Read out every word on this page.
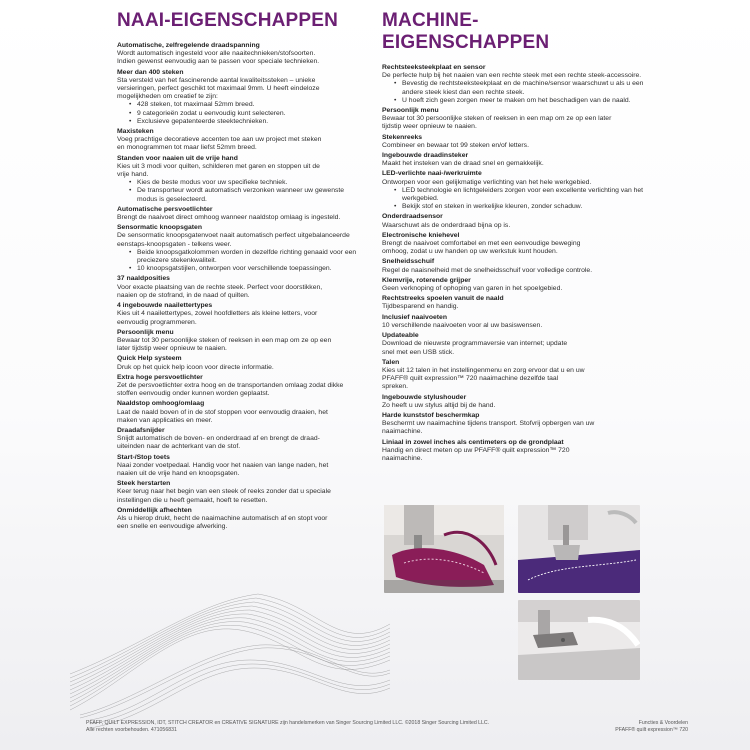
NAAI-EIGENSCHAPPEN
Automatische, zelfregelende draadspanning
Wordt automatisch ingesteld voor alle naaitechnieken/stofsoorten.
Indien gewenst eenvoudig aan te passen voor speciale technieken.
Meer dan 400 steken
Sta versteld van het fascinerende aantal kwaliteitssteken – unieke
versieringen, perfect geschikt tot maximaal 9mm. U heeft eindeloze
mogelijkheden om creatief te zijn:
• 428 steken, tot maximaal 52mm breed.
• 9 categorieën zodat u eenvoudig kunt selecteren.
• Exclusieve gepatenteerde steektechnieken.
Maxisteken
Voeg prachtige decoratieve accenten toe aan uw project met steken
en monogrammen tot maar liefst 52mm breed.
Standen voor naaien uit de vrije hand
Kies uit 3 modi voor quilten, schilderen met garen en stoppen uit de
vrije hand.
• Kies de beste modus voor uw specifieke techniek.
• De transporteur wordt automatisch verzonken wanneer uw gewenste modus is geselecteerd.
Automatische persvoetlichter
Brengt de naaivoet direct omhoog wanneer naaldstop omlaag is ingesteld.
Sensormatic knoopsgaten
De sensormatic knoopsgatenvoet naait automatisch perfect uitgebalanceerde
eenstaps-knoopsgaten - telkens weer.
• Beide knoopsgatkolommen worden in dezelfde richting genaaid voor een preciezere stekenkwaliteit.
• 10 knoopsgatstijlen, ontworpen voor verschillende toepassingen.
37 naaldposities
Voor exacte plaatsing van de rechte steek. Perfect voor doorstikken,
naaien op de stofrand, in de naad of quilten.
4 ingebouwde naailettertypes
Kies uit 4 naailettertypes, zowel hoofdletters als kleine letters, voor
eenvoudig programmeren.
Persoonlijk menu
Bewaar tot 30 persoonlijke steken of reeksen in een map om ze op een
later tijdstip weer opnieuw te naaien.
Quick Help systeem
Druk op het quick help icoon voor directe informatie.
Extra hoge persvoetlichter
Zet de persvoetlichter extra hoog en de transportanden omlaag zodat dikke
stoffen eenvoudig onder kunnen worden geplaatst.
Naaldstop omhoog/omlaag
Laat de naald boven of in de stof stoppen voor eenvoudig draaien, het
maken van applicaties en meer.
Draadafsnijder
Snijdt automatisch de boven- en onderdraad af en brengt de draad-
uiteinden naar de achterkant van de stof.
Start-/Stop toets
Naai zonder voetpedaal. Handig voor het naaien van lange naden, het
naaien uit de vrije hand en knoopsgaten.
Steek herstarten
Keer terug naar het begin van een steek of reeks zonder dat u speciale
instellingen die u heeft gemaakt, hoeft te resetten.
Onmiddellijk afhechten
Als u hierop drukt, hecht de naaimachine automatisch af en stopt voor
een snelle en eenvoudige afwerking.
MACHINE-EIGENSCHAPPEN
Rechtsteeksteekplaat en sensor
De perfecte hulp bij het naaien van een rechte steek met een rechte steek-accessoire.
• Bevestig de rechtsteeksteekplaat en de machine/sensor waarschuwt u als u een andere steek kiest dan een rechte steek.
• U hoeft zich geen zorgen meer te maken om het beschadigen van de naald.
Persoonlijk menu
Bewaar tot 30 persoonlijke steken of reeksen in een map om ze op een later
tijdstip weer opnieuw te naaien.
Stekenreeks
Combineer en bewaar tot 99 steken en/of letters.
Ingebouwde draadinsteker
Maakt het insteken van de draad snel en gemakkelijk.
LED-verlichte naai-/werkruimte
Ontworpen voor een gelijkmatige verlichting van het hele werkgebied.
• LED technologie en lichtgeleiders zorgen voor een excellente verlichting van het werkgebied.
• Bekijk stof en steken in werkelijke kleuren, zonder schaduw.
Onderdraadsensor
Waarschuwt als de onderdraad bijna op is.
Electronische kniehevel
Brengt de naaivoet comfortabel en met een eenvoudige beweging
omhoog, zodat u uw handen op uw werkstuk kunt houden.
Snelheidsschuif
Regel de naaisnelheid met de snelheidsschuif voor volledige controle.
Klemvrije, roterende grijper
Geen verknoping of ophoping van garen in het spoelgebied.
Rechtstreeks spoelen vanuit de naald
Tijdbesparend en handig.
Inclusief naaivoeten
10 verschillende naaivoeten voor al uw basiswensen.
Updateable
Download de nieuwste programmaversie van internet; update
snel met een USB stick.
Talen
Kies uit 12 talen in het instellingenmenu en zorg ervoor dat u en uw
PFAFF® quilt expression™ 720 naaimachine dezelfde taal
spreken.
Ingebouwde stylushouder
Zo heeft u uw stylus altijd bij de hand.
Harde kunststof beschermkap
Beschermt uw naaimachine tijdens transport. Stofvrij opbergen van uw
naaimachine.
Liniaal in zowel inches als centimeters op de grondplaat
Handig en direct meten op uw PFAFF® quilt expression™ 720
naaimachine.
PFAFF, QUILT EXPRESSION, IDT, STITCH CREATOR en CREATIVE SIGNATURE zijn handelsmerken van Singer Sourcing Limited LLC. ©2018 Singer Sourcing Limited LLC.
Alle rechten voorbehouden. 471056831
Functies & Voordelen
PFAFF® quilt expression™ 720
